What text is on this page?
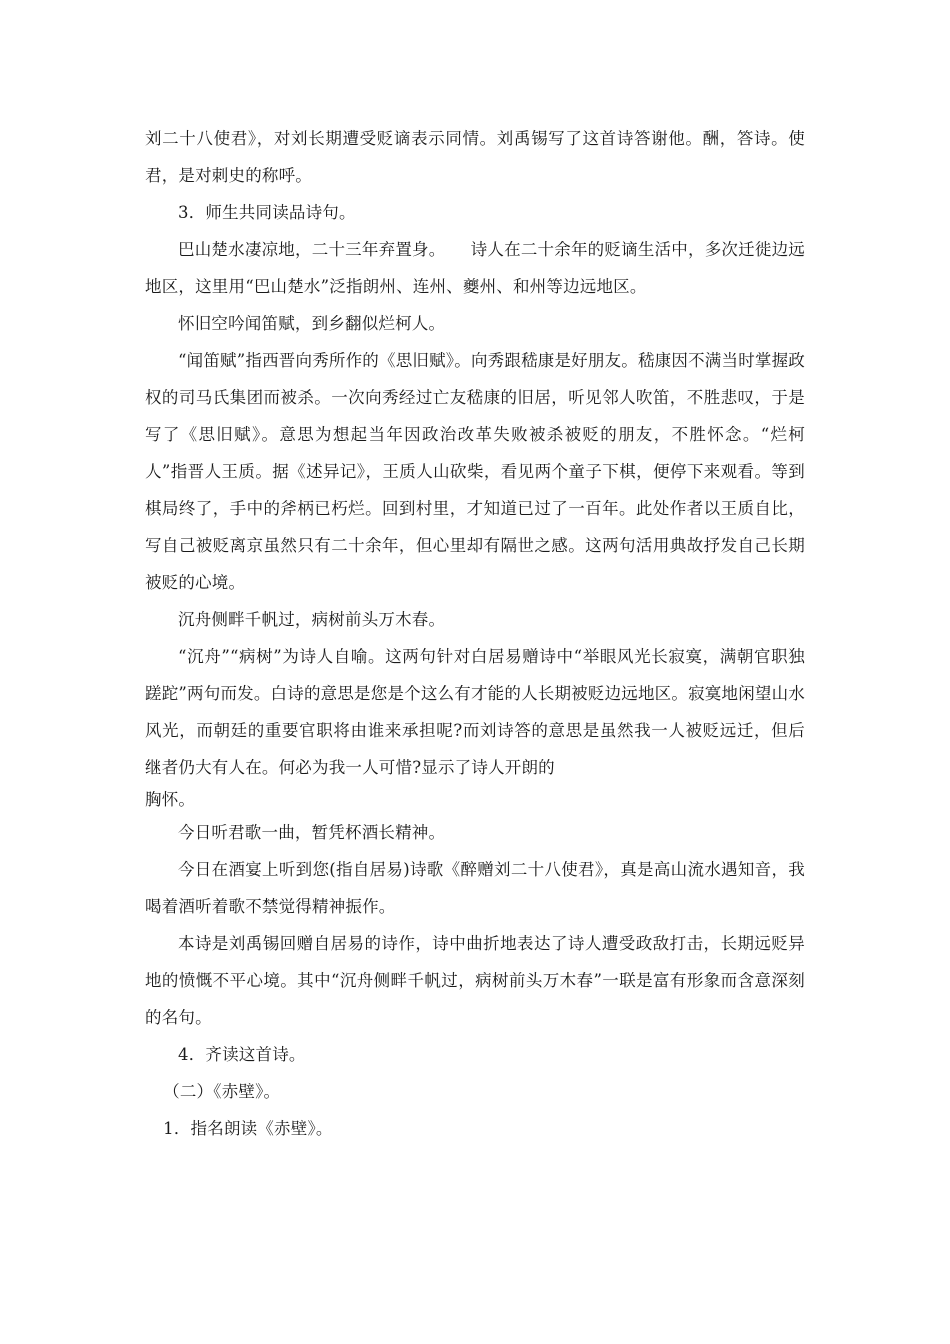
刘二十八使君》，对刘长期遭受贬谪表示同情。刘禹锡写了这首诗答谢他。酬，答诗。使君，是对刺史的称呼。

3．师生共同读品诗句。

巴山楚水凄凉地，二十三年弃置身。　　诗人在二十余年的贬谪生活中，多次迁徙边远地区，这里用“巴山楚水”泛指朗州、连州、夔州、和州等边远地区。

怀旧空吟闻笛赋，到乡翻似烂柯人。

“闻笛赋”指西晋向秀所作的《思旧赋》。向秀跟嵇康是好朋友。嵇康因不满当时掌握政权的司马氏集团而被杀。一次向秀经过亡友嵇康的旧居，听见邻人吹笛，不胜悲叹，于是写了《思旧赋》。意思为想起当年因政治改革失败被杀被贬的朋友，不胜怀念。“烂柯人”指晋人王质。据《述异记》，王质人山砍柴，看见两个童子下棋，便停下来观看。等到棋局终了，手中的斧柄已朽烂。回到村里，才知道已过了一百年。此处作者以王质自比，写自己被贬离京虽然只有二十余年，但心里却有隔世之感。这两句活用典故抒发自己长期被贬的心境。

沉舟侧畔千帆过，病树前头万木春。

“沉舟”“病树”为诗人自喻。这两句针对白居易赠诗中“举眼风光长寂寞，满朝官职独蹉跎”两句而发。白诗的意思是您是个这么有才能的人长期被贬边远地区。寂寞地闲望山水风光，而朝廷的重要官职将由谁来承担呢?而刘诗答的意思是虽然我一人被贬远迁，但后继者仍大有人在。何必为我一人可惜?显示了诗人开朗的

胸怀。

今日听君歌一曲，暂凭杯酒长精神。

今日在酒宴上听到您(指自居易)诗歌《醉赠刘二十八使君》，真是高山流水遇知音，我喝着酒听着歌不禁觉得精神振作。

本诗是刘禹锡回赠自居易的诗作，诗中曲折地表达了诗人遭受政敌打击，长期远贬异地的愤慨不平心境。其中“沉舟侧畔千帆过，病树前头万木春”一联是富有形象而含意深刻的名句。

4．齐读这首诗。

（二）《赤壁》。

1．指名朗读《赤壁》。
